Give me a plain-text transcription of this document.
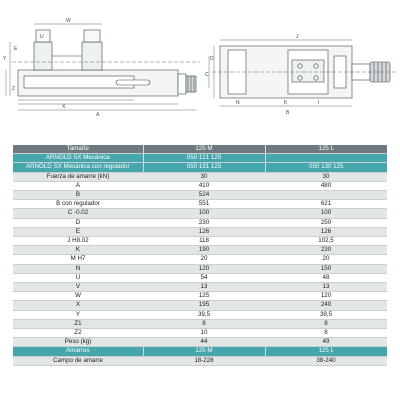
Y
A
W
Z
X
U
E
J
C
D
N	K	I
B
Tamaño	125 M	125 L
ARNOLD SX Mecánica	050 121 125	
ARNOLD SX Mecánica con regulador	050 131 125	050 130 125
Fuerza de amarre (kN)	30	30
A	410	480
B	524	
B con regulador	551	621
C -0.02	100	100
D	230	250
E	126	126
J H8.02	118	102,5
K	190	230
M H7	20	20
N	120	150
U	54	48
V	13	13
W	125	120
X	195	240
Y	39,5	39,5
Z1	8	8
Z2	10	8
Peso (kg)	44	49
Amarres	125 M	125 L
Campo de amarre	18-228	38-240
